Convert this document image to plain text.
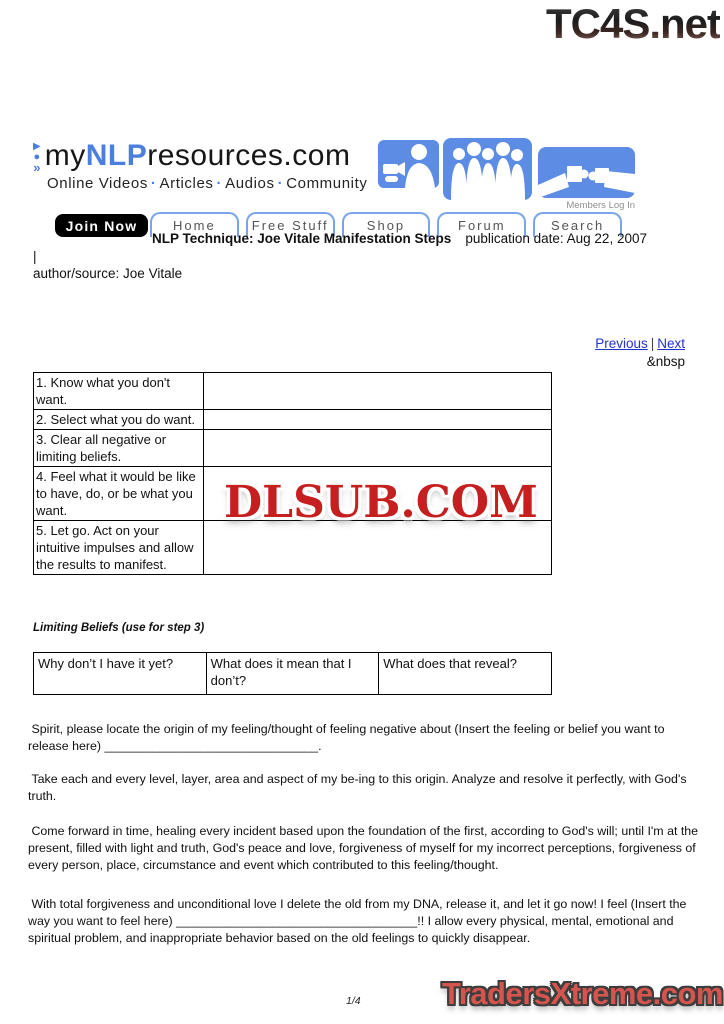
TC4S.net
▶
●
» myNLPresources.com
Online Videos · Articles · Audios · Community
Members Log In
Join Now	Home	Free Stuff	Shop	Forum	Search
NLP Technique: Joe Vitale Manifestation Steps publication date: Aug 22, 2007
|
author/source: Joe Vitale
Previous | Next
&nbsp
1. Know what you don't want.	
2. Select what you do want.	
3. Clear all negative or limiting beliefs.	
4. Feel what it would be like to have, do, or be what you want.	
5. Let go. Act on your intuitive impulses and allow the results to manifest.	
DLSUB.COM
Limiting Beliefs (use for step 3)
Why don’t I have it yet?	What does it mean that I don’t?	What does that reveal?

Spirit, please locate the origin of my feeling/thought of feeling negative about (Insert the feeling or belief you want to release here) _______________________________.

Take each and every level, layer, area and aspect of my be-ing to this origin. Analyze and resolve it perfectly, with God's truth.

Come forward in time, healing every incident based upon the foundation of the first, according to God's will; until I'm at the present, filled with light and truth, God's peace and love, forgiveness of myself for my incorrect perceptions, forgiveness of every person, place, circumstance and event which contributed to this feeling/thought.

With total forgiveness and unconditional love I delete the old from my DNA, release it, and let it go now! I feel (Insert the way you want to feel here) ___________________________________!! I allow every physical, mental, emotional and spiritual problem, and inappropriate behavior based on the old feelings to quickly disappear.

1/4	TradersXtreme.com
